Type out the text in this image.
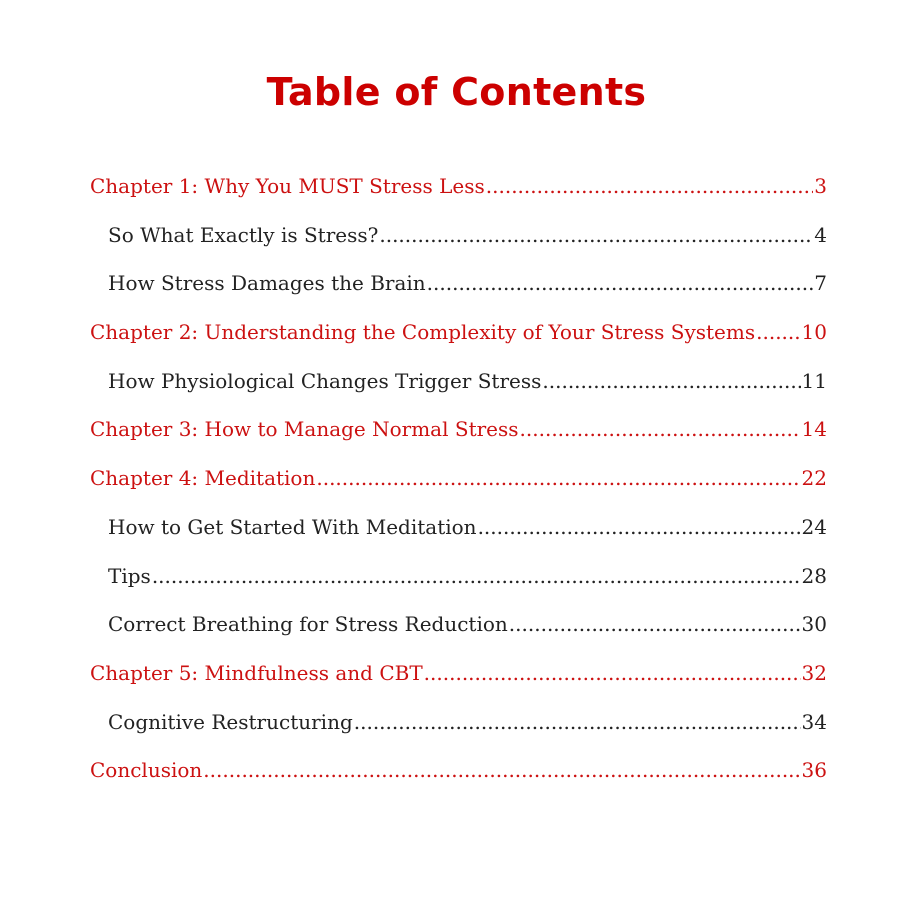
Table of Contents
Chapter 1: Why You MUST Stress Less .....	3
So What Exactly is Stress? .....	4
How Stress Damages the Brain .....	7
Chapter 2: Understanding the Complexity of Your Stress Systems ..... 10
How Physiological Changes Trigger Stress .....	11
Chapter 3: How to Manage Normal Stress .....	14
Chapter 4: Meditation .....	22
How to Get Started With Meditation .....	24
Tips .....	28
Correct Breathing for Stress Reduction .....	30
Chapter 5: Mindfulness and CBT .....	32
Cognitive Restructuring .....	34
Conclusion .....	36
